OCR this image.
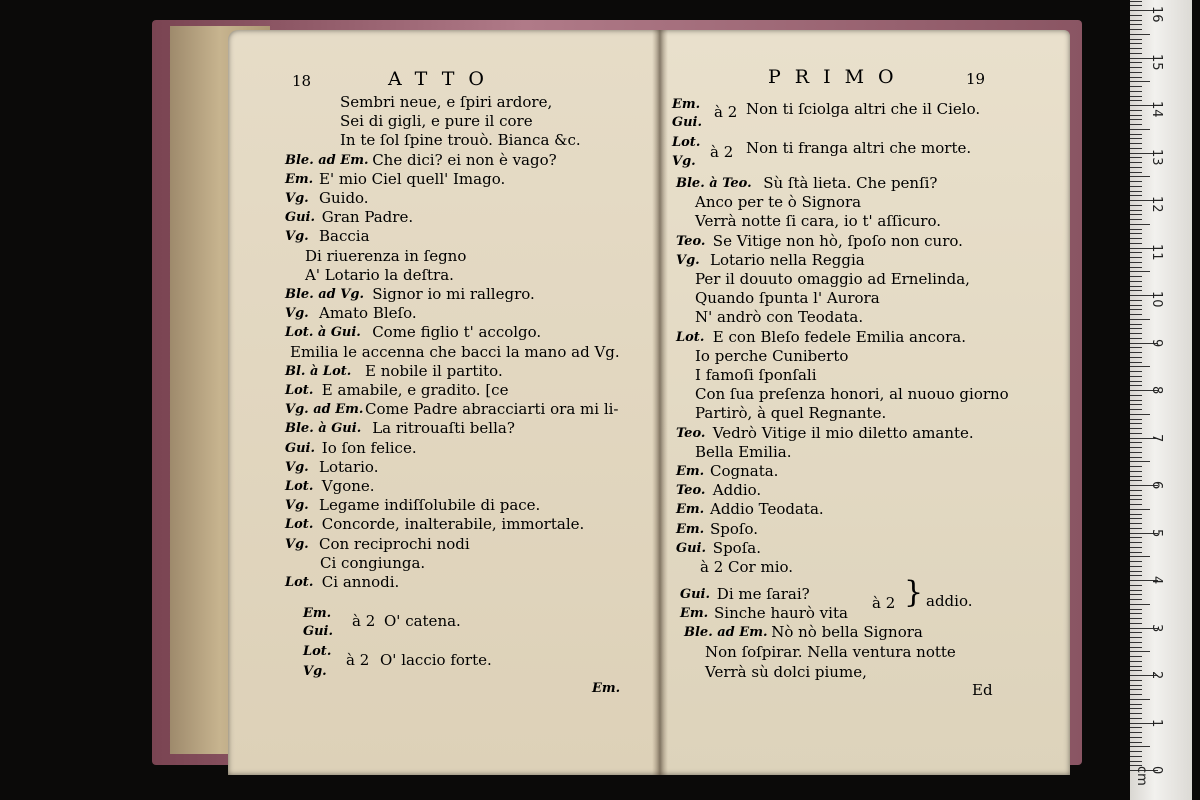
18	ATTO	PRIMO	19
Sembri neue, e ſpiri ardore,
Sei di gigli, e pure il core
In te ſol ſpine trouò. Bianca &c.
Ble. ad Em. Che dici? ei non è vago?
Em. E' mio Ciel quell' Imago.
Vg. Guido.
Gui. Gran Padre.
Vg. Baccia
Di riuerenza in ſegno
A' Lotario la deſtra.
Ble. ad Vg. Signor io mi rallegro.
Vg. Amato Bleſo.
Lot. à Gui. Come figlio t' accolgo.
Emilia le accenna che bacci la mano ad Vg.
Bl. à Lot. E nobile il partito.
Lot. E amabile, e gradito. [ce
Vg. ad Em. Come Padre abracciarti ora mi li-
Ble. à Gui. La ritrouaſti bella?
Gui. Io ſon felice.
Vg. Lotario.
Lot. Vgone.
Vg. Legame indiſſolubile di pace.
Lot. Concorde, inalterabile, immortale.
Vg. Con reciprochi nodi
Ci congiunga.
Lot. Ci annodi.
Em.
Gui.
à 2 O' catena.
Lot.
Vg.
à 2 O' laccio forte.
Em.
Em.
Gui.
à 2 Non ti ſciolga altri che il Cielo.
Lot.
Vg.
à 2 Non ti franga altri che morte.
Ble. à Teo. Sù ſtà lieta. Che penſi?
Anco per te ò Signora
Verrà notte ſi cara, io t' aſſicuro.
Teo. Se Vitige non hò, ſpoſo non curo.
Vg. Lotario nella Reggia
Per il douuto omaggio ad Ernelinda,
Quando ſpunta l' Aurora
N' andrò con Teodata.
Lot. E con Bleſo fedele Emilia ancora.
Io perche Cuniberto
I famoſi ſponſali
Con ſua preſenza honori, al nuouo giorno
Partirò, à quel Regnante.
Teo. Vedrò Vitige il mio diletto amante.
Bella Emilia.
Em. Cognata.
Teo. Addio.
Em. Addio Teodata.
Em. Spoſo.
Gui. Spoſa.
à 2 Cor mio.
Gui. Di me ſarai?
Em. Sinche haurò vita
à 2 } addio.
Ble. ad Em. Nò nò bella Signora
Non ſoſpirar. Nella ventura notte
Verrà sù dolci piume,
Ed
0 cm
1
2
3
4
5
6
7
8
9
10
11
12
13
14
15
16
